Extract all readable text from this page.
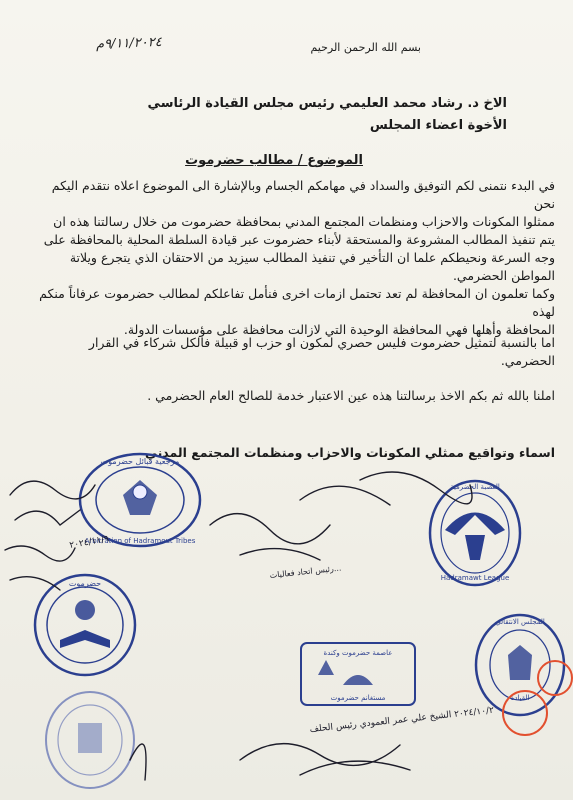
٩/١١/٢٠٢٤م	بسم الله الرحمن الرحيم
الاخ د. رشاد محمد العليمي رئيس مجلس القيادة الرئاسي
الأخوة اعضاء المجلس
الموضوع / مطالب حضرموت
في البدء نتمنى لكم التوفيق والسداد في مهامكم الجسام وبالإشارة الى الموضوع اعلاه نتقدم اليكم نحن
ممثلوا المكونات والاحزاب ومنظمات المجتمع المدني بمحافظة حضرموت من خلال رسالتنا هذه ان
يتم تنفيذ المطالب المشروعة والمستحقة لأبناء حضرموت عبر قيادة السلطة المحلية بالمحافظة على
وجه السرعة ونحيطكم علما ان التأخير في تنفيذ المطالب سيزيد من الاحتقان الذي يتجرع ويلاتة
المواطن الحضرمي.
وكما تعلمون ان المحافظة لم تعد تحتمل ازمات اخرى فنأمل تفاعلكم لمطالب حضرموت عرفاناً منكم لهذه
المحافظة وأهلها فهي المحافظة الوحيدة التي لازالت محافظة على مؤسسات الدولة.
اما بالنسبة لتمثيل حضرموت فليس حصري لمكون او حزب او قبيلة فالكل شركاء في القرار
الحضرمي.
املنا بالله ثم بكم الاخذ برسالتنا هذه عين الاعتبار خدمة للصالح العام الحضرمي .
اسماء وتواقيع ممثلي المكونات والاحزاب ومنظمات المجتمع المدني
مرجعية قبائل حضرموت
Arbitration of Hadramout Tribes
العصبة الحضرمية
Hadramawt League
حضرموت
عاصمة حضرموت وكندة
مستغانم حضرموت
المجلس الانتقالي
القيادة
٢٠٢٤/١١/٩
رئيس اتحاد فعاليات...
٢٠٢٤/١٠/٢ الشيخ علي عمر العمودي رئيس الحلف
